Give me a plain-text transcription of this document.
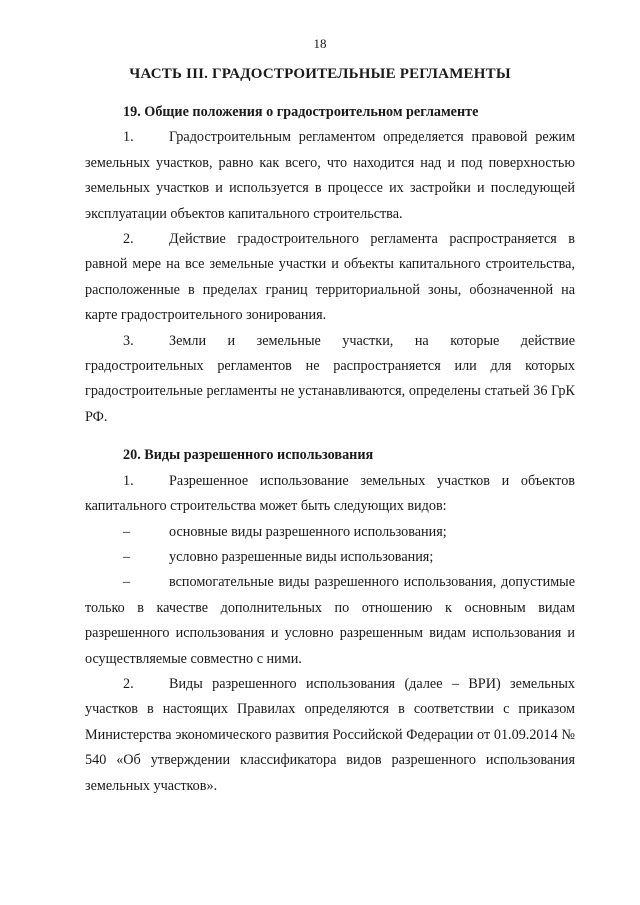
18
ЧАСТЬ III. ГРАДОСТРОИТЕЛЬНЫЕ РЕГЛАМЕНТЫ

19. Общие положения о градостроительном регламенте

1. Градостроительным регламентом определяется правовой режим земельных участков, равно как всего, что находится над и под поверхностью земельных участков и используется в процессе их застройки и последующей эксплуатации объектов капитального строительства.

2. Действие градостроительного регламента распространяется в равной мере на все земельные участки и объекты капитального строительства, расположенные в пределах границ территориальной зоны, обозначенной на карте градостроительного зонирования.

3. Земли и земельные участки, на которые действие градостроительных регламентов не распространяется или для которых градостроительные регламенты не устанавливаются, определены статьей 36 ГрК РФ.

20. Виды разрешенного использования

1. Разрешенное использование земельных участков и объектов капитального строительства может быть следующих видов:

–	основные виды разрешенного использования;

–	условно разрешенные виды использования;

–	вспомогательные виды разрешенного использования, допустимые только в качестве дополнительных по отношению к основным видам разрешенного использования и условно разрешенным видам использования и осуществляемые совместно с ними.

2. Виды разрешенного использования (далее – ВРИ) земельных участков в настоящих Правилах определяются в соответствии с приказом Министерства экономического развития Российской Федерации от 01.09.2014 № 540 «Об утверждении классификатора видов разрешенного использования земельных участков».
